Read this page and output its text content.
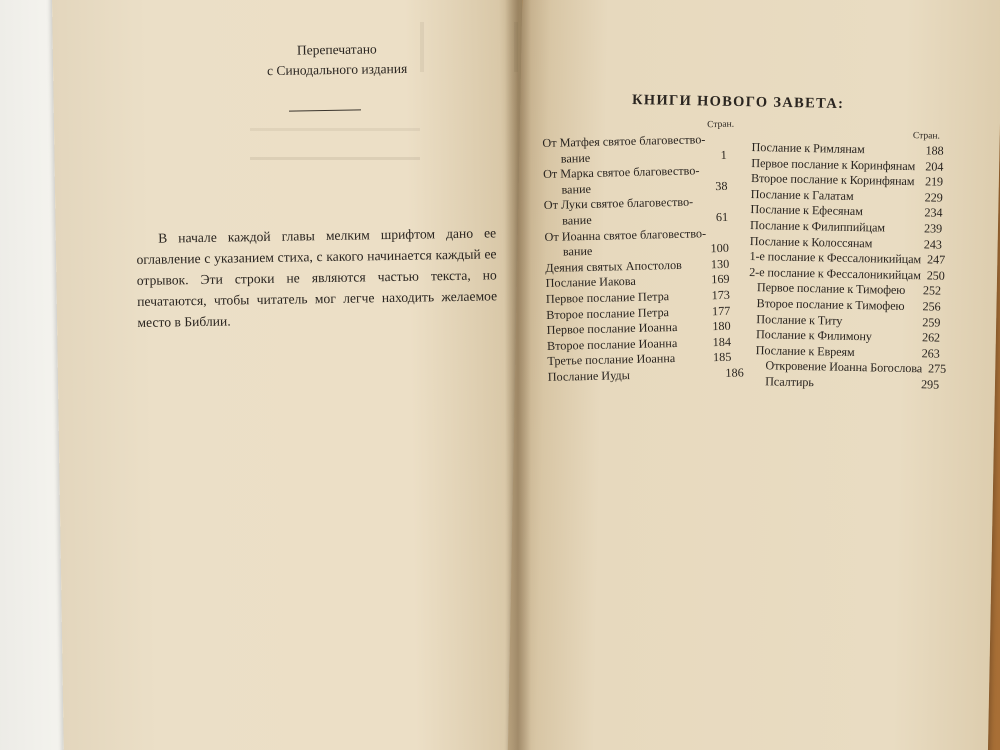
Перепечатано
с Синодального издания

В начале каждой главы мелким шрифтом дано ее оглавление с указанием стиха, с какого начинается каждый ее отрывок. Эти строки не являются частью текста, но печатаются, чтобы читатель мог легче находить желаемое место в Библии.

КНИГИ НОВОГО ЗАВЕТА:
Стран.
От Матфея святое благовество-
вание	1
От Марка святое благовество-
вание	38
От Луки святое благовество-
вание	61
От Иоанна святое благовество-
вание	100
Деяния святых Апостолов 130
Послание Иакова	169
Первое послание Петра	173
Второе послание Петра	177
Первое послание Иоанна	180
Второе послание Иоанна	184
Третье послание Иоанна	185
Послание Иуды	186
Стран.
Послание к Римлянам	188
Первое послание к Коринфянам 204
Второе послание к Коринфянам 219
Послание к Галатам	229
Послание к Ефесянам	234
Послание к Филиппийцам	239
Послание к Колоссянам	243
1-е послание к Фессалоникийцам 247
2-е послание к Фессалоникийцам 250
Первое послание к Тимофею 252
Второе послание к Тимофею 256
Послание к Титу	259
Послание к Филимону	262
Послание к Евреям	263
Откровение Иоанна Богослова 275
Псалтирь	295
